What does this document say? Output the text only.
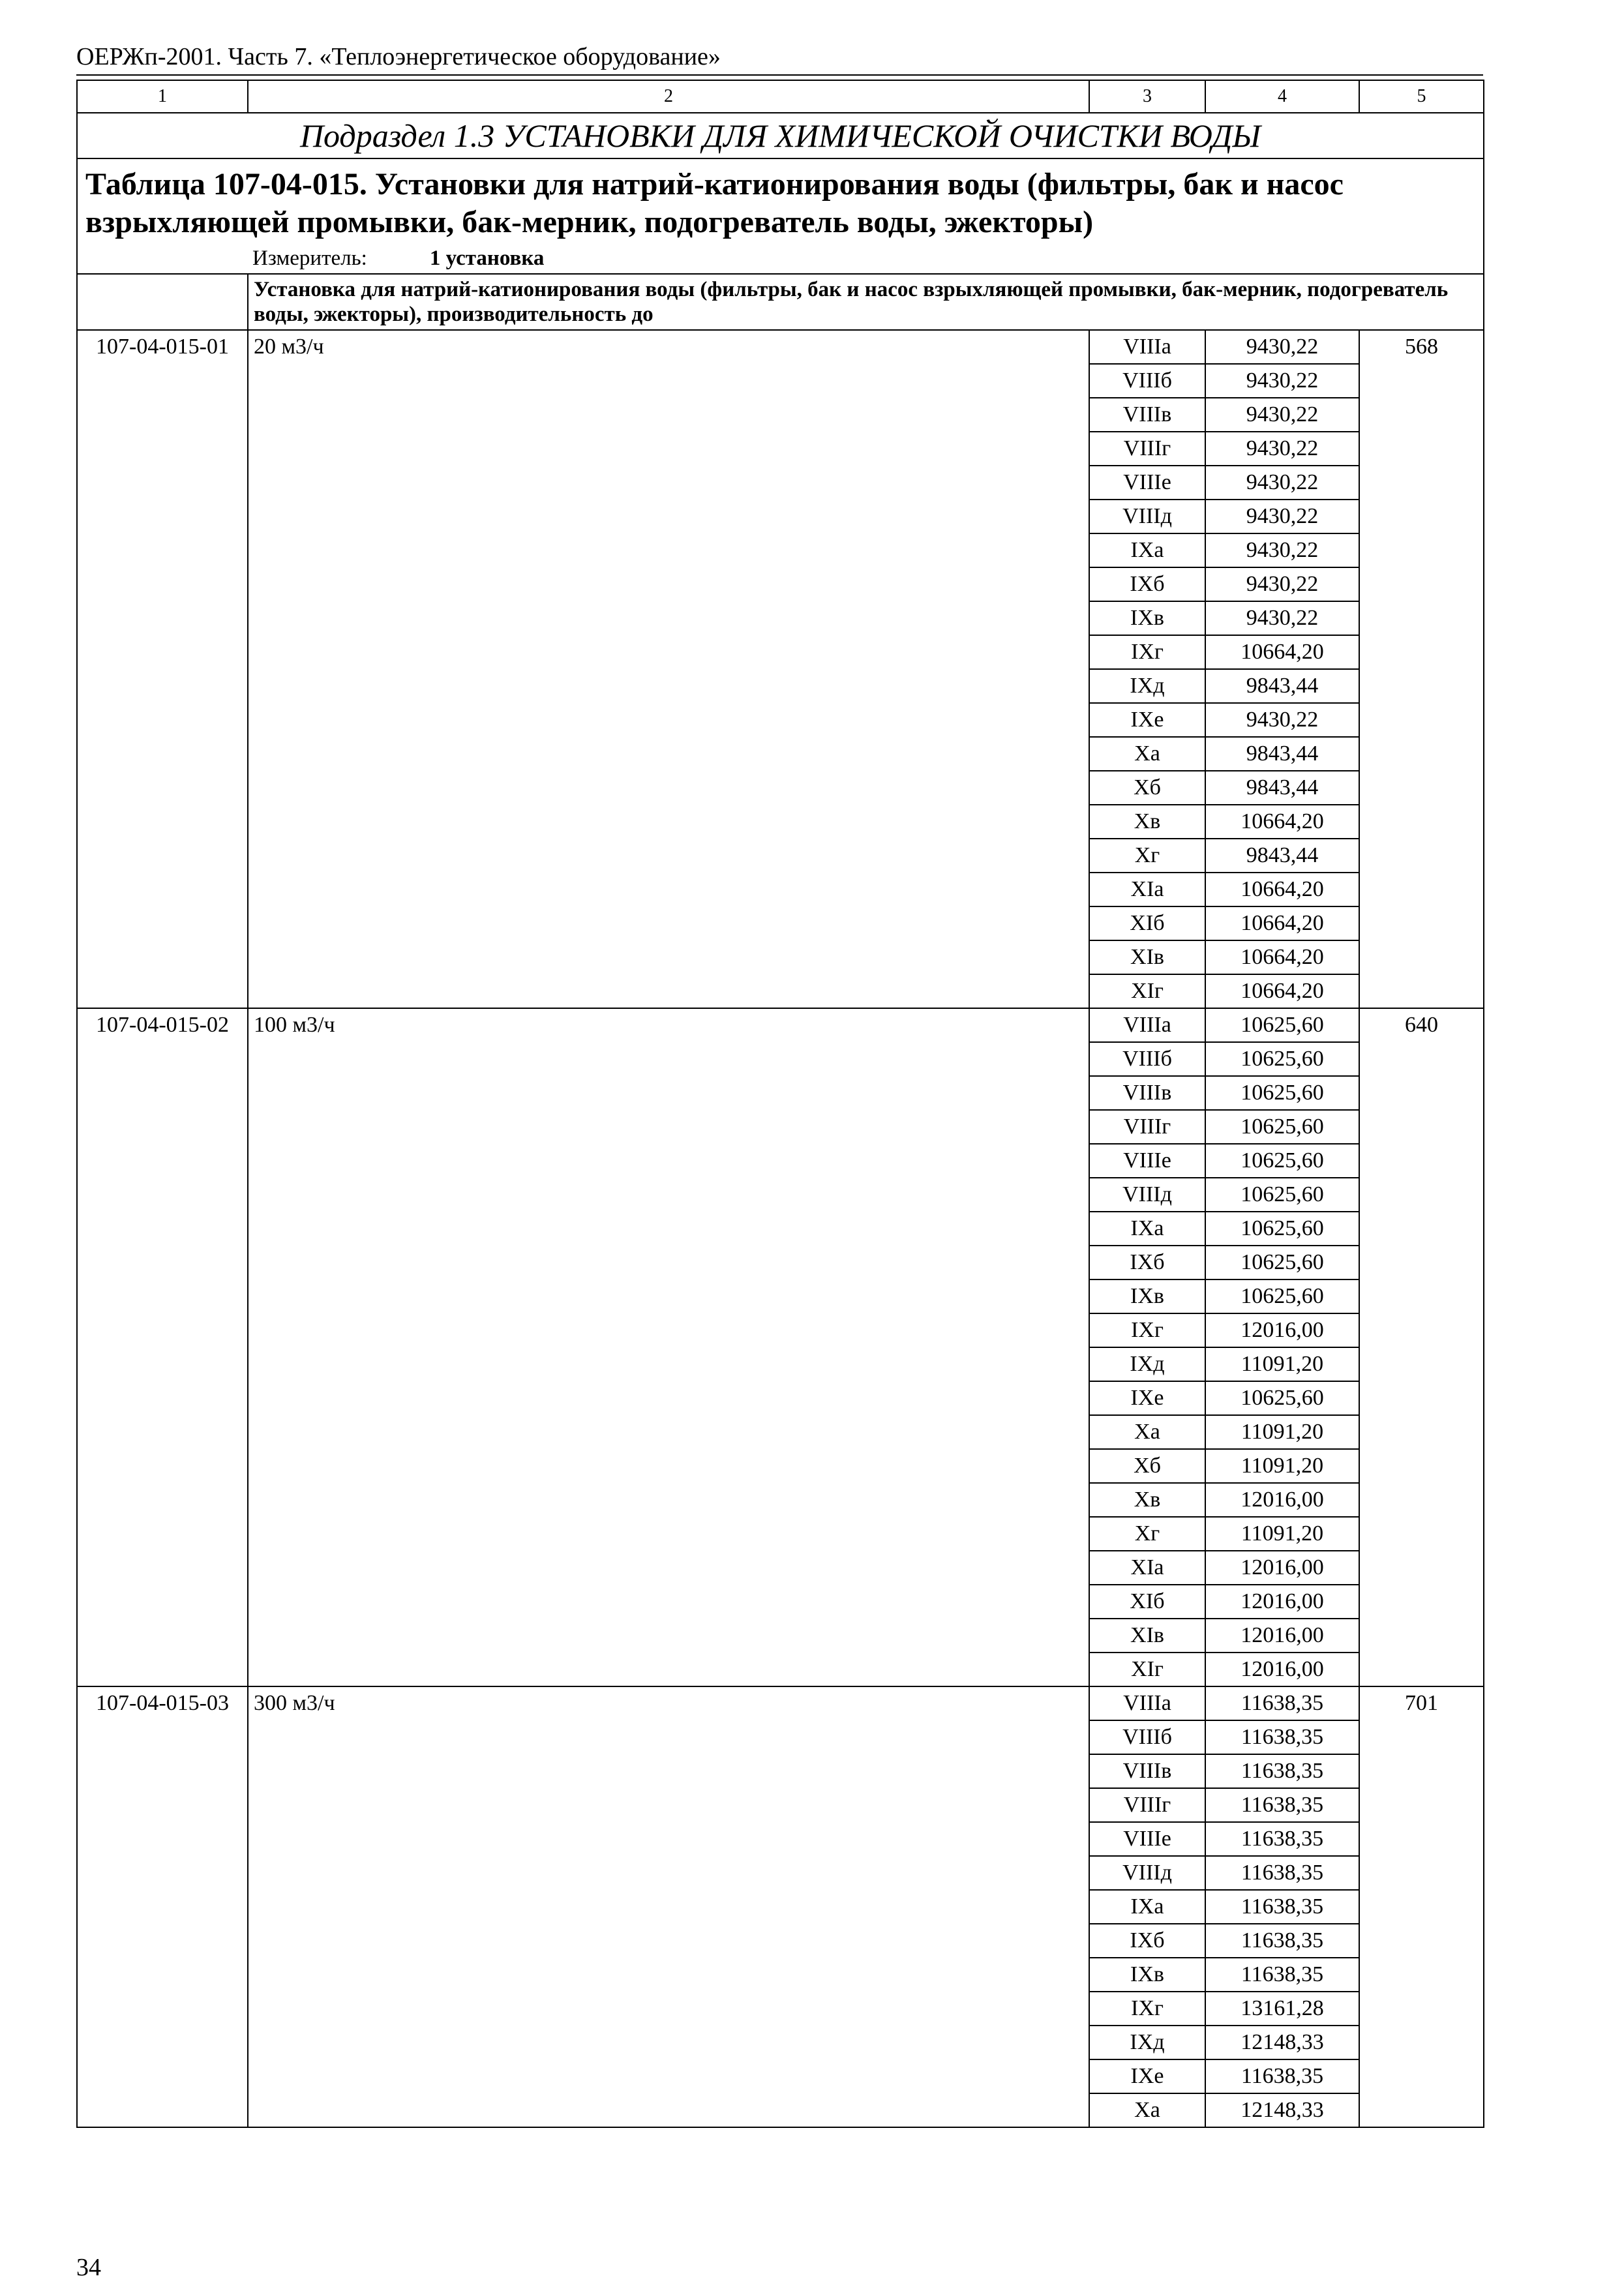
ОЕРЖп-2001. Часть 7. «Теплоэнергетическое оборудование»
1	2	3	4	5
Подраздел 1.3 УСТАНОВКИ ДЛЯ ХИМИЧЕСКОЙ ОЧИСТКИ ВОДЫ				

Таблица 107-04-015. Установки для натрий-катионирования воды (фильтры, бак и насос взрыхляющей промывки, бак-мерник, подогреватель воды, эжекторы)
Измеритель: 1 установка				

	Установка для натрий-катионирования воды (фильтры, бак и насос взрыхляющей промывки, бак-мерник, подогреватель воды, эжекторы), производительность до			
107-04-015-01	20 м3/ч	VIIIа	9430,22	568
		VIIIб	9430,22	
		VIIIв	9430,22	
		VIIIг	9430,22	
		VIIIе	9430,22	
		VIIIд	9430,22	
		IXа	9430,22	
		IXб	9430,22	
		IXв	9430,22	
		IXг	10664,20	
		IXд	9843,44	
		IXе	9430,22	
		Xа	9843,44	
		Xб	9843,44	
		Xв	10664,20	
		Xг	9843,44	
		XIа	10664,20	
		XIб	10664,20	
		XIв	10664,20	
		XIг	10664,20	
107-04-015-02	100 м3/ч	VIIIа	10625,60	640
		VIIIб	10625,60	
		VIIIв	10625,60	
		VIIIг	10625,60	
		VIIIе	10625,60	
		VIIIд	10625,60	
		IXа	10625,60	
		IXб	10625,60	
		IXв	10625,60	
		IXг	12016,00	
		IXд	11091,20	
		IXе	10625,60	
		Xа	11091,20	
		Xб	11091,20	
		Xв	12016,00	
		Xг	11091,20	
		XIа	12016,00	
		XIб	12016,00	
		XIв	12016,00	
		XIг	12016,00	
107-04-015-03	300 м3/ч	VIIIа	11638,35	701
		VIIIб	11638,35	
		VIIIв	11638,35	
		VIIIг	11638,35	
		VIIIе	11638,35	
		VIIIд	11638,35	
		IXа	11638,35	
		IXб	11638,35	
		IXв	11638,35	
		IXг	13161,28	
		IXд	12148,33	
		IXе	11638,35	
		Xа	12148,33	
34
